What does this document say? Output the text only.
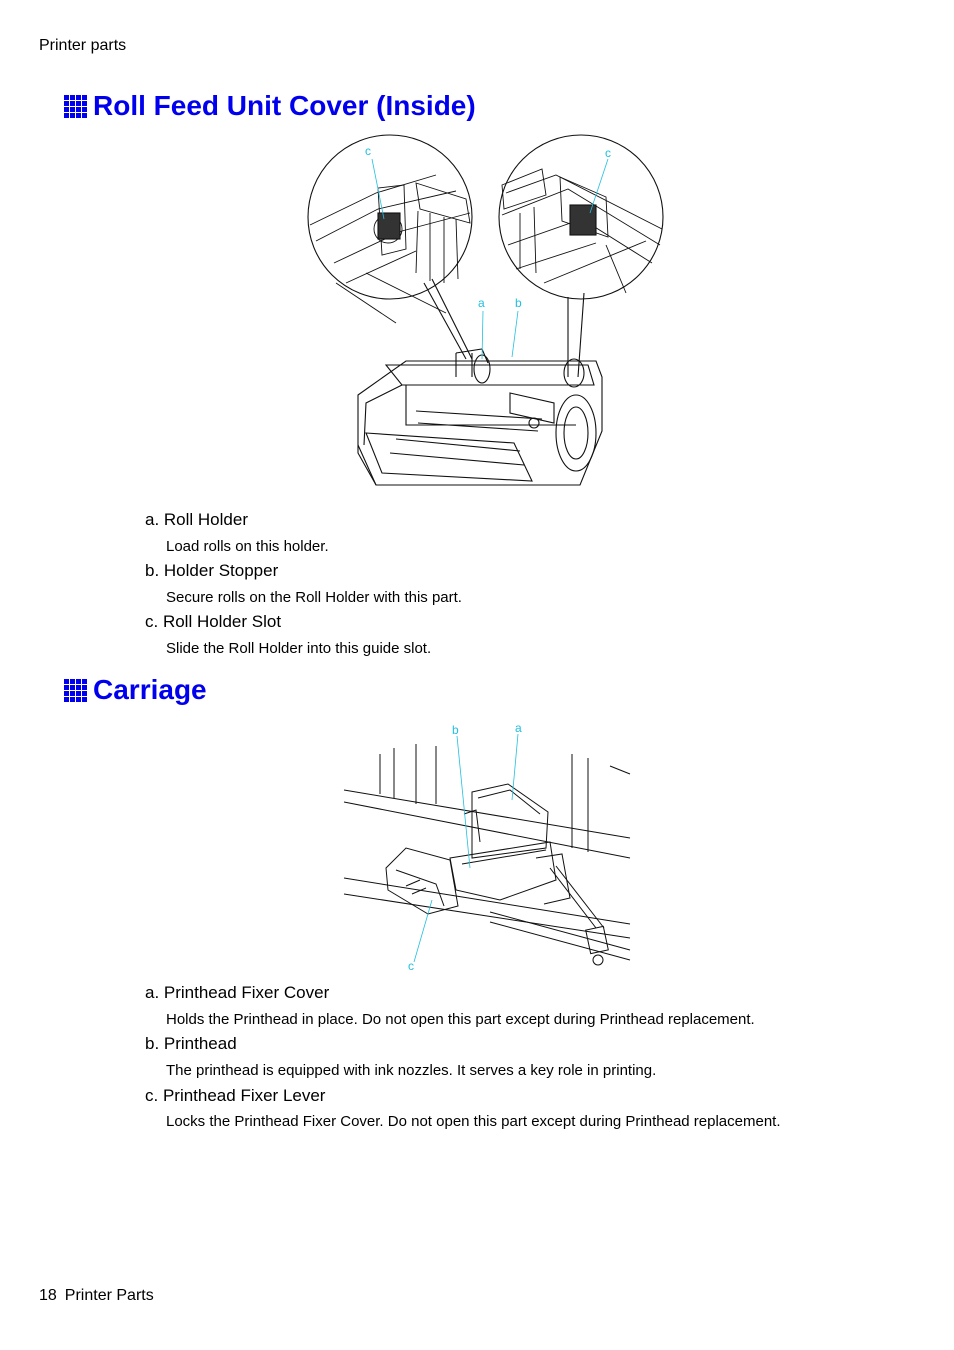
Printer parts
Roll Feed Unit Cover (Inside)
a	b
c	c
a. Roll Holder
Load rolls on this holder.
b. Holder Stopper
Secure rolls on the Roll Holder with this part.
c. Roll Holder Slot
Slide the Roll Holder into this guide slot.
Carriage
b	a
c
a. Printhead Fixer Cover
Holds the Printhead in place. Do not open this part except during Printhead replacement.
b. Printhead
The printhead is equipped with ink nozzles. It serves a key role in printing.
c. Printhead Fixer Lever
Locks the Printhead Fixer Cover. Do not open this part except during Printhead replacement.
18 Printer Parts
